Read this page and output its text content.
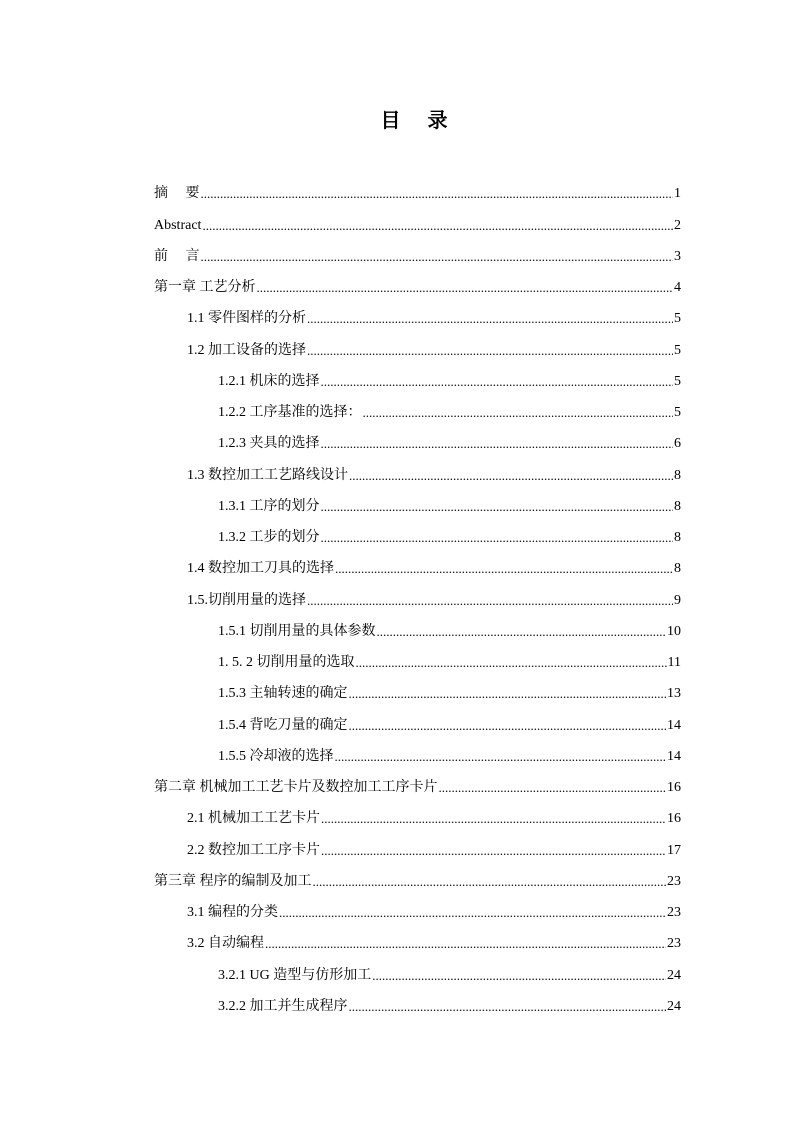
目 录
摘　 要 .....	1
Abstract .....	2
前　 言 .....	3
第一章 工艺分析 .....	4
1.1 零件图样的分析 .....	5
1.2 加工设备的选择 .....	5
1.2.1 机床的选择 .....	5
1.2.2 工序基准的选择： .....	5
1.2.3 夹具的选择 .....	6
1.3 数控加工工艺路线设计 .....	8
1.3.1 工序的划分 .....	8
1.3.2 工步的划分 .....	8
1.4 数控加工刀具的选择 .....	8
1.5.切削用量的选择 .....	9
1.5.1 切削用量的具体参数 .....	10
1. 5. 2 切削用量的选取 .....	11
1.5.3 主轴转速的确定 .....	13
1.5.4 背吃刀量的确定 .....	14
1.5.5 冷却液的选择 .....	14
第二章 机械加工工艺卡片及数控加工工序卡片 .....	16
2.1 机械加工工艺卡片 .....	16
2.2 数控加工工序卡片 .....	17
第三章 程序的编制及加工 .....	23
3.1 编程的分类 .....	23
3.2 自动编程 .....	23
3.2.1 UG 造型与仿形加工 .....	24
3.2.2 加工并生成程序 .....	24
